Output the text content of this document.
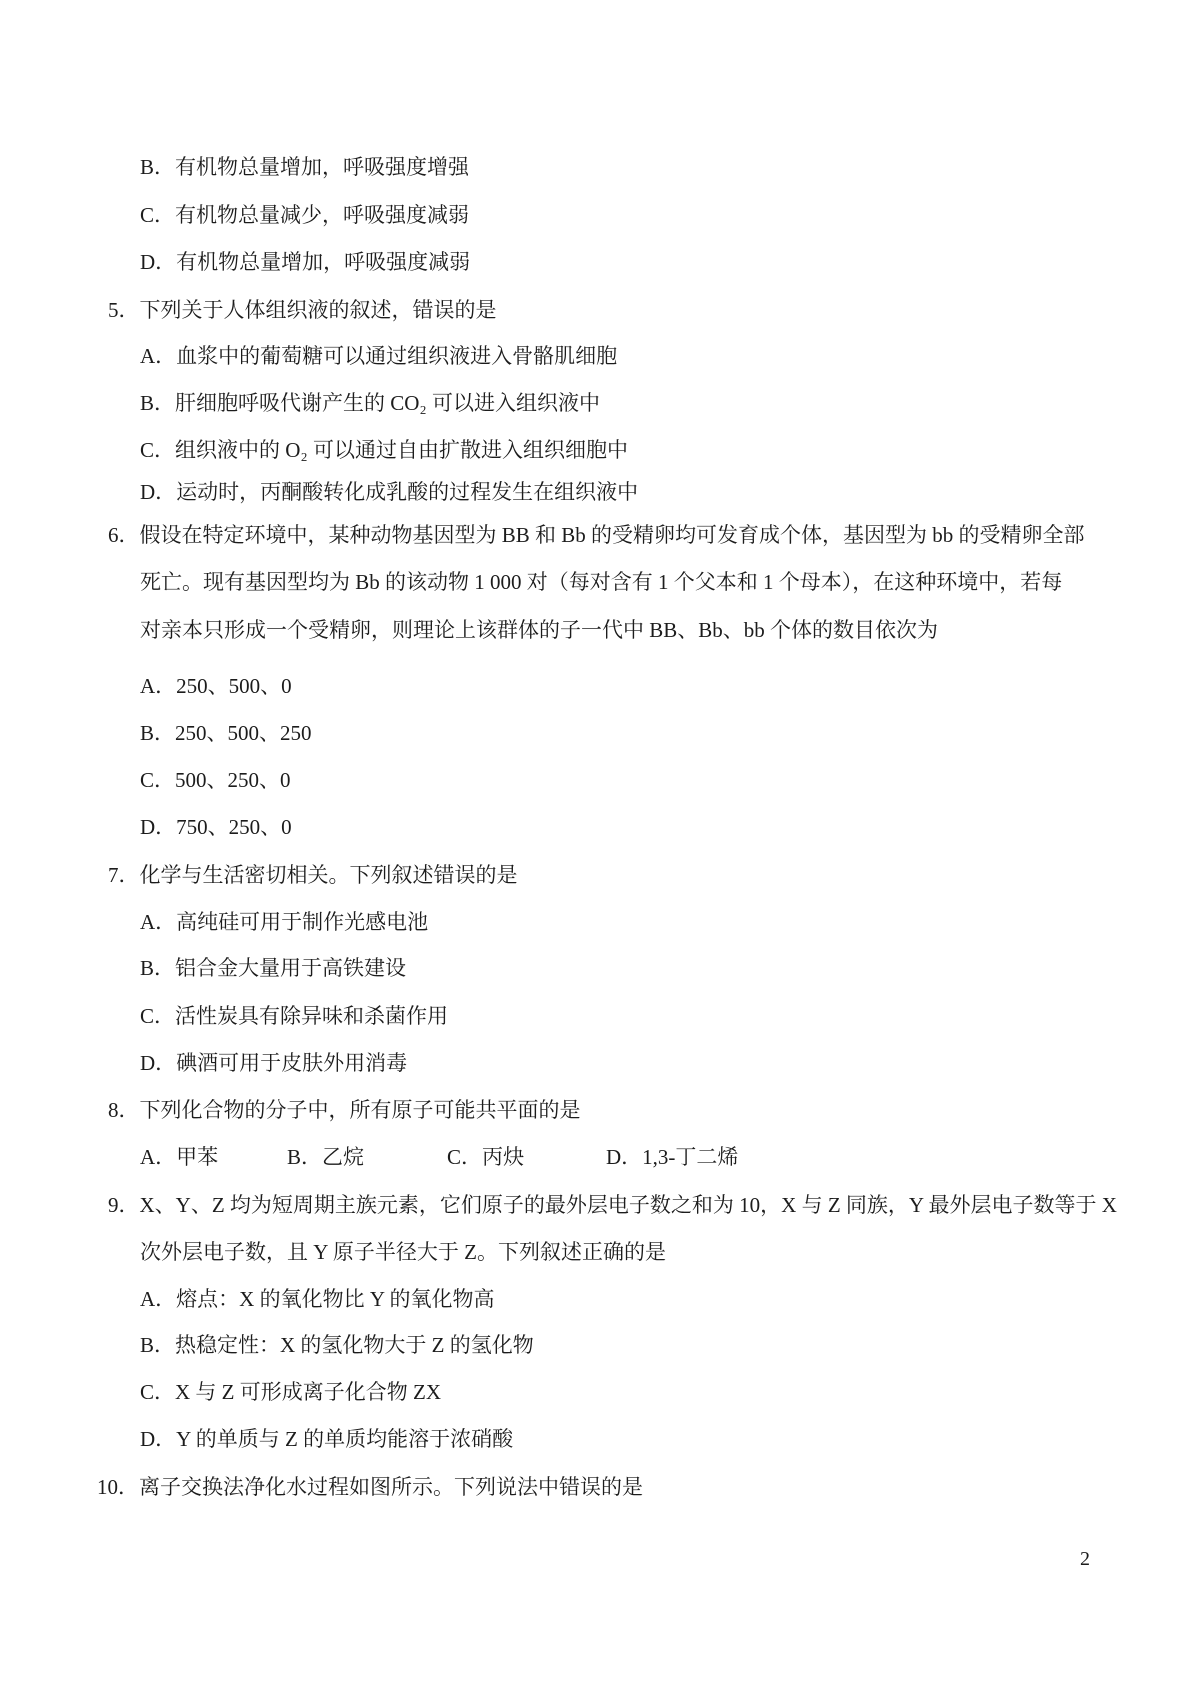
B．有机物总量增加，呼吸强度增强
C．有机物总量减少，呼吸强度减弱
D．有机物总量增加，呼吸强度减弱
5．下列关于人体组织液的叙述，错误的是
A．血浆中的葡萄糖可以通过组织液进入骨骼肌细胞
B．肝细胞呼吸代谢产生的 CO₂ 可以进入组织液中
C．组织液中的 O₂ 可以通过自由扩散进入组织细胞中
D．运动时，丙酮酸转化成乳酸的过程发生在组织液中
6．假设在特定环境中，某种动物基因型为 BB 和 Bb 的受精卵均可发育成个体，基因型为 bb 的受精卵全部
死亡。现有基因型均为 Bb 的该动物 1 000 对（每对含有 1 个父本和 1 个母本），在这种环境中，若每
对亲本只形成一个受精卵，则理论上该群体的子一代中 BB、Bb、bb 个体的数目依次为
A．250、500、0
B．250、500、250
C．500、250、0
D．750、250、0
7．化学与生活密切相关。下列叙述错误的是
A．高纯硅可用于制作光感电池
B．铝合金大量用于高铁建设
C．活性炭具有除异味和杀菌作用
D．碘酒可用于皮肤外用消毒
8．下列化合物的分子中，所有原子可能共平面的是
A．甲苯	B．乙烷	C．丙炔	D．1,3-丁二烯
9．X、Y、Z 均为短周期主族元素，它们原子的最外层电子数之和为 10，X 与 Z 同族，Y 最外层电子数等于 X
次外层电子数，且 Y 原子半径大于 Z。下列叙述正确的是
A．熔点：X 的氧化物比 Y 的氧化物高
B．热稳定性：X 的氢化物大于 Z 的氢化物
C．X 与 Z 可形成离子化合物 ZX
D．Y 的单质与 Z 的单质均能溶于浓硝酸
10．离子交换法净化水过程如图所示。下列说法中错误的是
2
